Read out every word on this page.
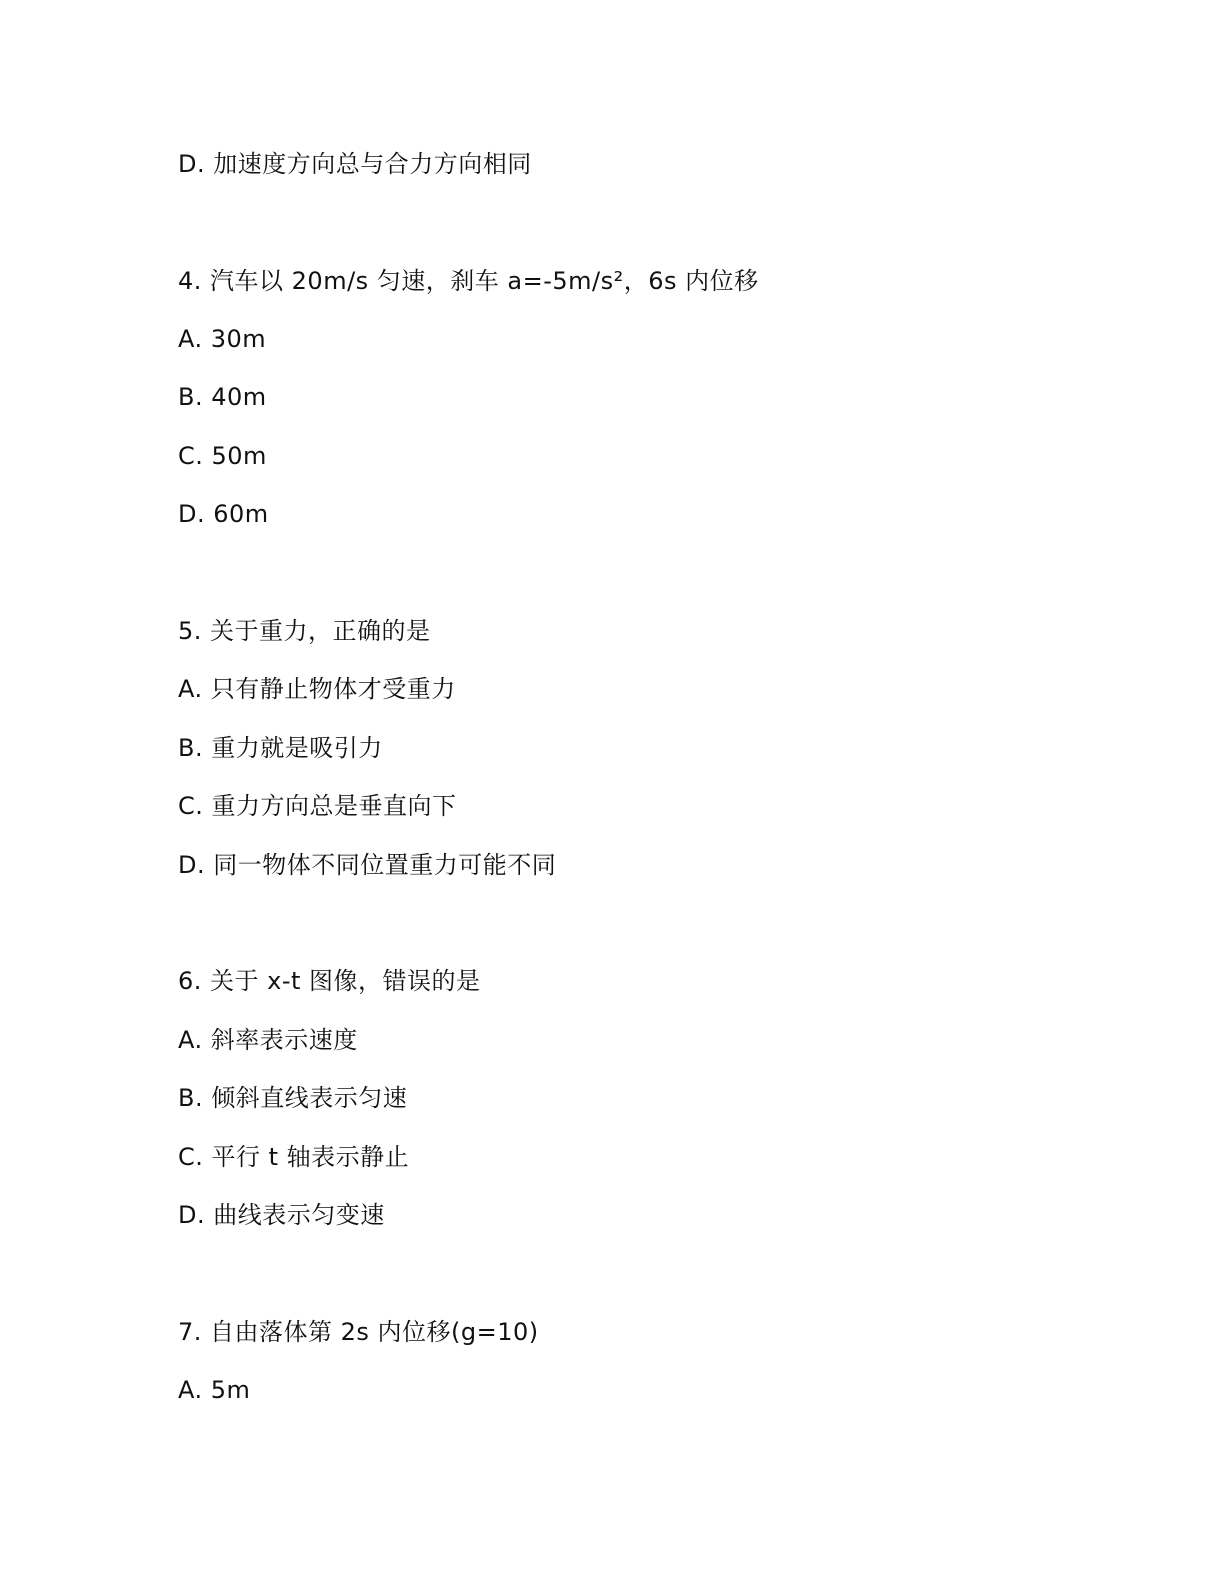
D. 加速度方向总与合力方向相同
4. 汽车以 20m/s 匀速，刹车 a=-5m/s²，6s 内位移
A. 30m
B. 40m
C. 50m
D. 60m
5. 关于重力，正确的是
A. 只有静止物体才受重力
B. 重力就是吸引力
C. 重力方向总是垂直向下
D. 同一物体不同位置重力可能不同
6. 关于 x-t 图像，错误的是
A. 斜率表示速度
B. 倾斜直线表示匀速
C. 平行 t 轴表示静止
D. 曲线表示匀变速
7. 自由落体第 2s 内位移(g=10)
A. 5m
